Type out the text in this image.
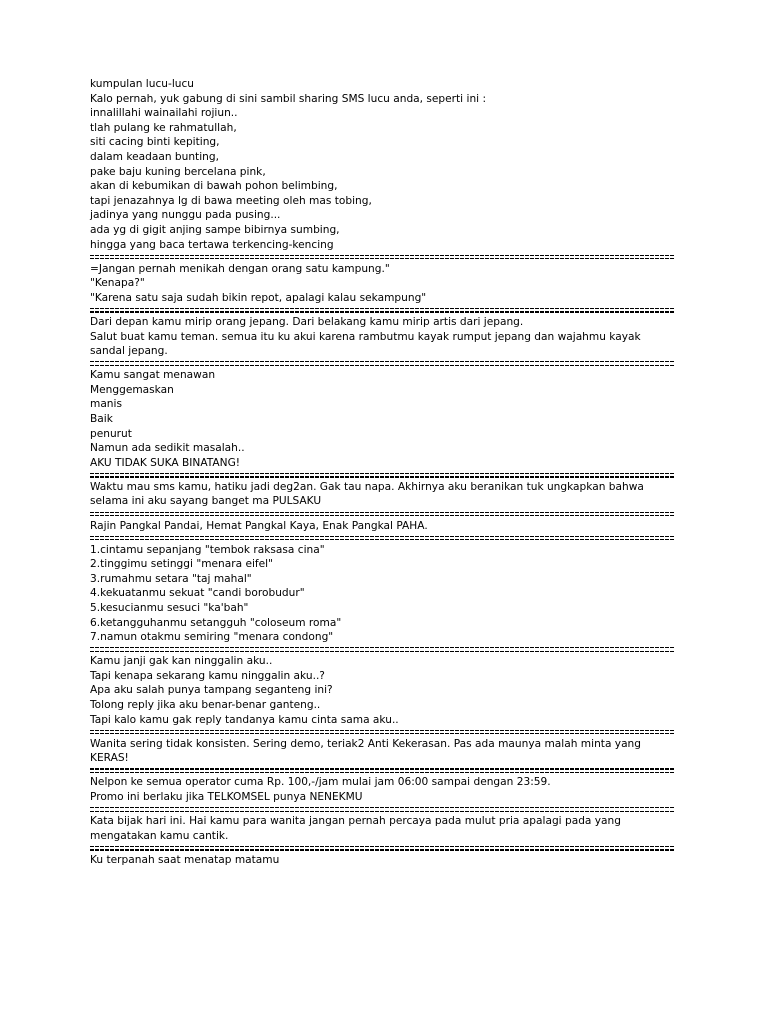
kumpulan lucu-lucu
Kalo pernah, yuk gabung di sini sambil sharing SMS lucu anda, seperti ini :
innalillahi wainailahi rojiun..
tlah pulang ke rahmatullah,
siti cacing binti kepiting,
dalam keadaan bunting,
pake baju kuning bercelana pink,
akan di kebumikan di bawah pohon belimbing,
tapi jenazahnya lg di bawa meeting oleh mas tobing,
jadinya yang nunggu pada pusing...
ada yg di gigit anjing sampe bibirnya sumbing,
hingga yang baca tertawa terkencing-kencing
=Jangan pernah menikah dengan orang satu kampung."
"Kenapa?"
"Karena satu saja sudah bikin repot, apalagi kalau sekampung"
Dari depan kamu mirip orang jepang. Dari belakang kamu mirip artis dari jepang.
Salut buat kamu teman. semua itu ku akui karena rambutmu kayak rumput jepang dan wajahmu kayak sandal jepang.
Kamu sangat menawan
Menggemaskan
manis
Baik
penurut
Namun ada sedikit masalah..
AKU TIDAK SUKA BINATANG!
Waktu mau sms kamu, hatiku jadi deg2an. Gak tau napa. Akhirnya aku beranikan tuk ungkapkan bahwa selama ini aku sayang banget ma PULSAKU
Rajin Pangkal Pandai, Hemat Pangkal Kaya, Enak Pangkal PAHA.
1.cintamu sepanjang "tembok raksasa cina"
2.tinggimu setinggi "menara eifel"
3.rumahmu setara "taj mahal"
4.kekuatanmu sekuat "candi borobudur"
5.kesucianmu sesuci "ka'bah"
6.ketangguhanmu setangguh "coloseum roma"
7.namun otakmu semiring "menara condong"
Kamu janji gak kan ninggalin aku..
Tapi kenapa sekarang kamu ninggalin aku..?
Apa aku salah punya tampang seganteng ini?
Tolong reply jika aku benar-benar ganteng..
Tapi kalo kamu gak reply tandanya kamu cinta sama aku..
Wanita sering tidak konsisten. Sering demo, teriak2 Anti Kekerasan. Pas ada maunya malah minta yang KERAS!
Nelpon ke semua operator cuma Rp. 100,-/jam mulai jam 06:00 sampai dengan 23:59.
Promo ini berlaku jika TELKOMSEL punya NENEKMU
Kata bijak hari ini. Hai kamu para wanita jangan pernah percaya pada mulut pria apalagi pada yang mengatakan kamu cantik.
Ku terpanah saat menatap matamu
